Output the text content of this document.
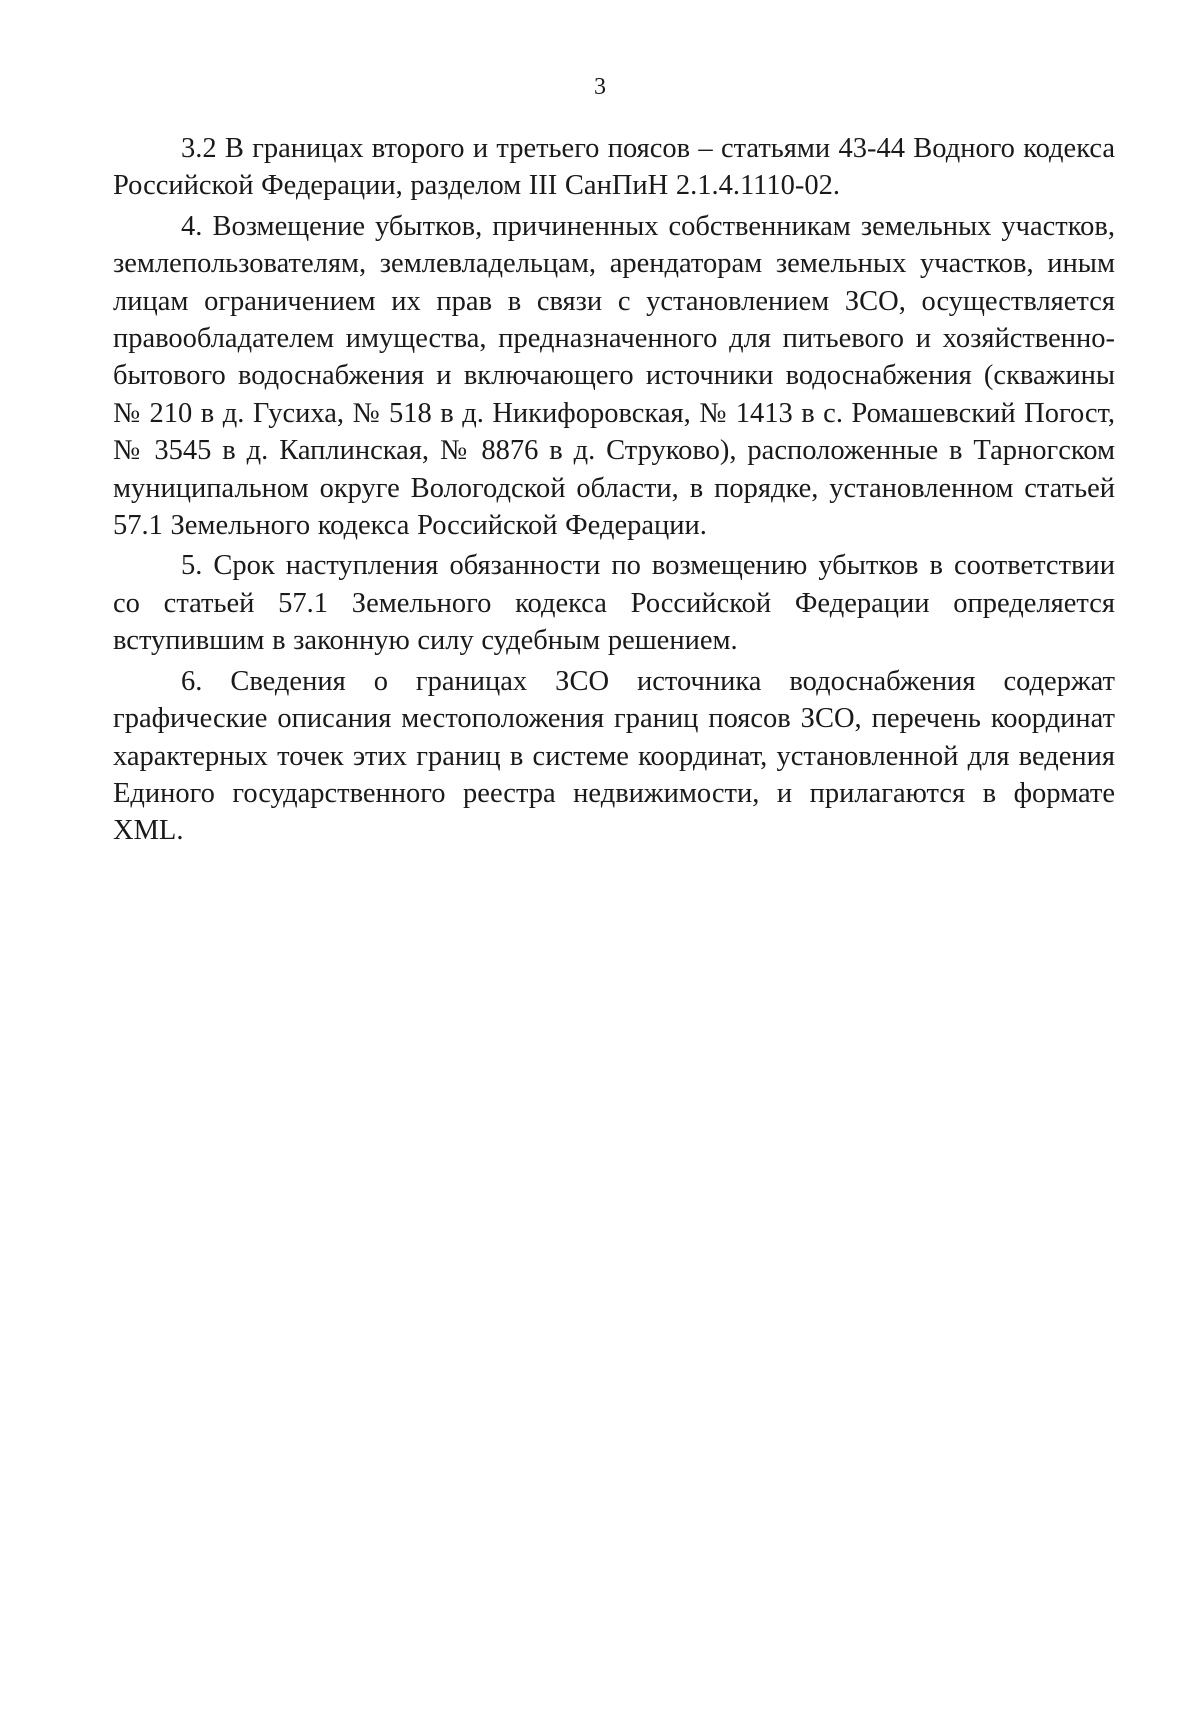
3

3.2 В границах второго и третьего поясов – статьями 43-44 Водного кодекса Российской Федерации, разделом III СанПиН 2.1.4.1110-02.

4. Возмещение убытков, причиненных собственникам земельных участков, землепользователям, землевладельцам, арендаторам земельных участков, иным лицам ограничением их прав в связи с установлением ЗСО, осуществляется правообладателем имущества, предназначенного для питьевого и хозяйственно-бытового водоснабжения и включающего источники водоснабжения (скважины № 210 в д. Гусиха, № 518 в д. Никифоровская, № 1413 в с. Ромашевский Погост, № 3545 в д. Каплинская, № 8876 в д. Струково), расположенные в Тарногском муниципальном округе Вологодской области, в порядке, установленном статьей 57.1 Земельного кодекса Российской Федерации.

5. Срок наступления обязанности по возмещению убытков в соответствии со статьей 57.1 Земельного кодекса Российской Федерации определяется вступившим в законную силу судебным решением.

6. Сведения о границах ЗСО источника водоснабжения содержат графические описания местоположения границ поясов ЗСО, перечень координат характерных точек этих границ в системе координат, установленной для ведения Единого государственного реестра недвижимости, и прилагаются в формате XML.
